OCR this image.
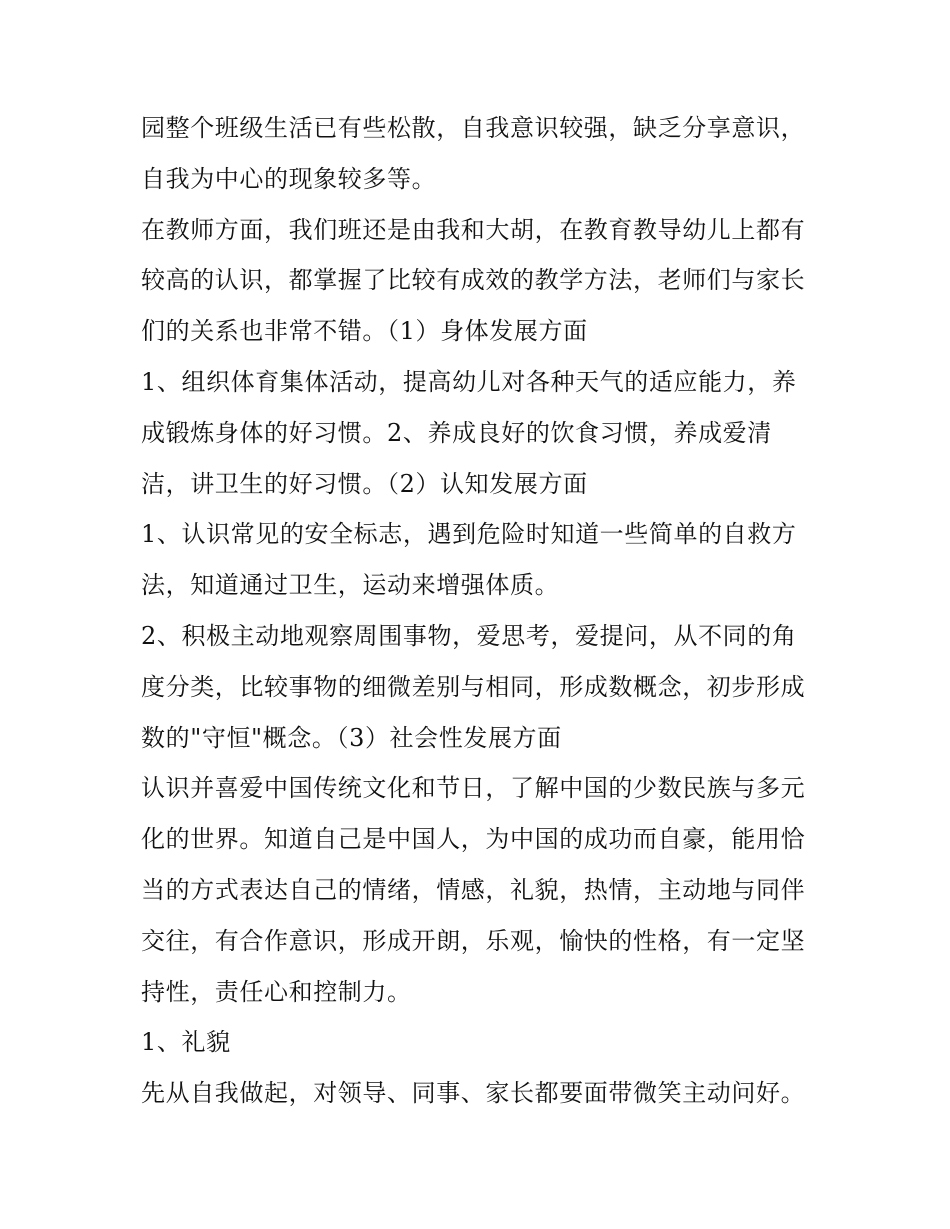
园整个班级生活已有些松散，自我意识较强，缺乏分享意识，
自我为中心的现象较多等。
在教师方面，我们班还是由我和大胡，在教育教导幼儿上都有
较高的认识，都掌握了比较有成效的教学方法，老师们与家长
们的关系也非常不错。（1）身体发展方面
1、组织体育集体活动，提高幼儿对各种天气的适应能力，养
成锻炼身体的好习惯。2、养成良好的饮食习惯，养成爱清
洁，讲卫生的好习惯。（2）认知发展方面
1、认识常见的安全标志，遇到危险时知道一些简单的自救方
法，知道通过卫生，运动来增强体质。
2、积极主动地观察周围事物，爱思考，爱提问，从不同的角
度分类，比较事物的细微差别与相同，形成数概念，初步形成
数的"守恒"概念。（3）社会性发展方面
认识并喜爱中国传统文化和节日，了解中国的少数民族与多元
化的世界。知道自己是中国人，为中国的成功而自豪，能用恰
当的方式表达自己的情绪，情感，礼貌，热情，主动地与同伴
交往，有合作意识，形成开朗，乐观，愉快的性格，有一定坚
持性，责任心和控制力。
1、礼貌
先从自我做起，对领导、同事、家长都要面带微笑主动问好。
